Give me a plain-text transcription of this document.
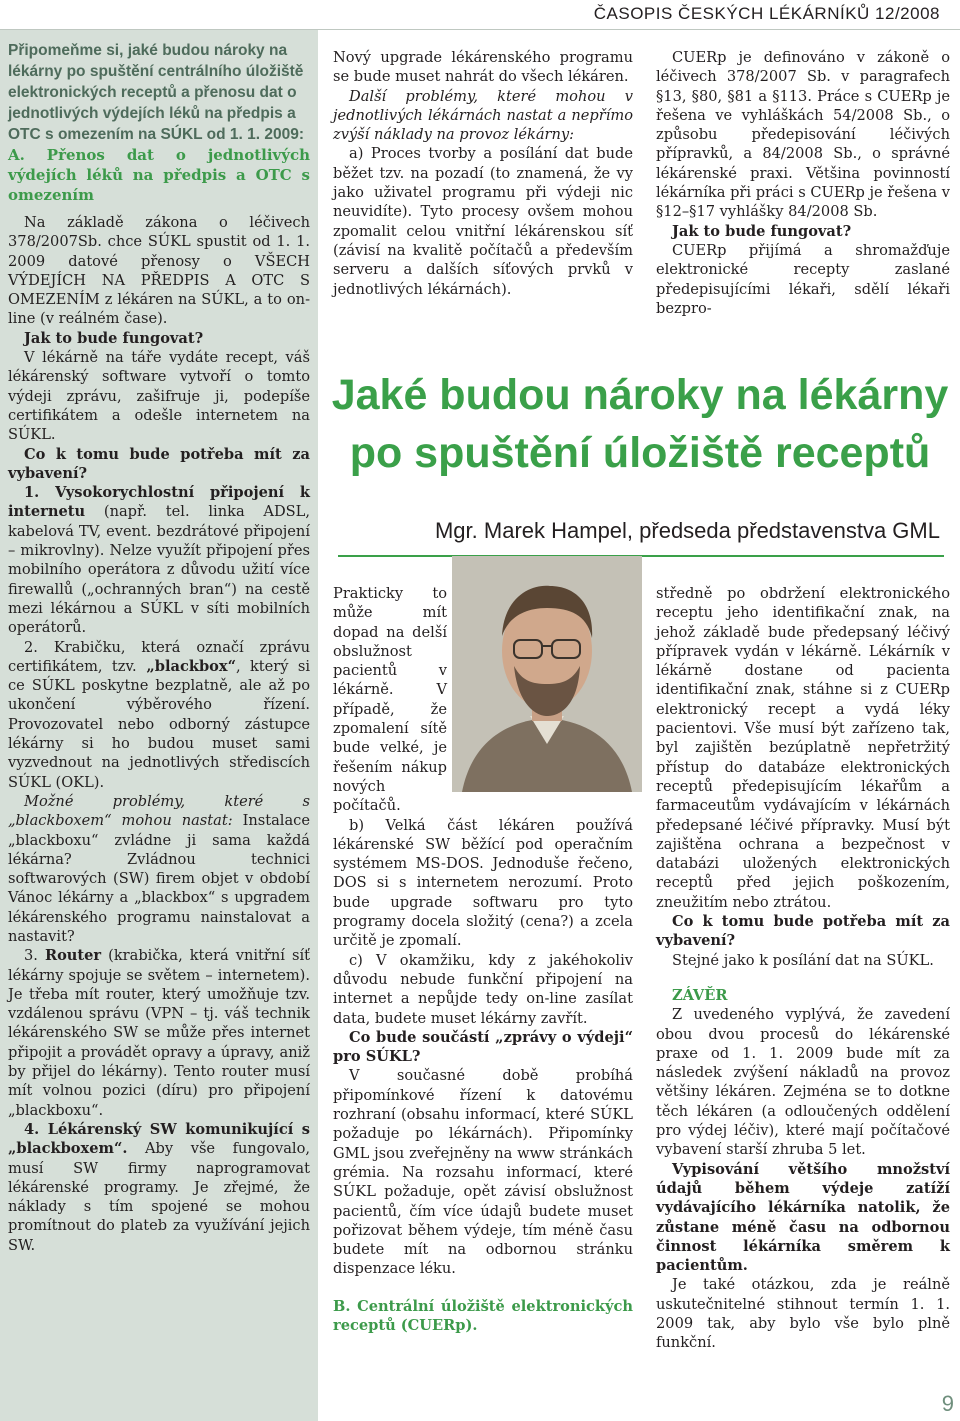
ČASOPIS ČESKÝCH LÉKÁRNÍKŮ 12/2008

Připomeňme si, jaké budou nároky na lékárny po spuštění centrálního úložiště elektronických receptů a přenosu dat o jednotlivých výdejích léků na předpis a OTC s omezením na SÚKL od 1. 1. 2009:

A. Přenos dat o jednotlivých výdejích léků na předpis a OTC s omezením

Na základě zákona o léčivech 378/2007Sb. chce SÚKL spustit od 1. 1. 2009 datové přenosy o VŠECH VÝDEJÍCH NA PŘEDPIS A OTC S OMEZENÍM z lékáren na SÚKL, a to on-line (v reálném čase).

Jak to bude fungovat?

V lékárně na táře vydáte recept, váš lékárenský software vytvoří o tomto výdeji zprávu, zašifruje ji, podepíše certifikátem a odešle internetem na SÚKL.

Co k tomu bude potřeba mít za vybavení?

1. Vysokorychlostní připojení k internetu (např. tel. linka ADSL, kabelová TV, event. bezdrátové připojení – mikrovlny). Nelze využít připojení přes mobilního operátora z důvodu užití více firewallů („ochranných bran“) na cestě mezi lékárnou a SÚKL v síti mobilních operátorů.

2. Krabičku, která označí zprávu certifikátem, tzv. „blackbox“, který si ce SÚKL poskytne bezplatně, ale až po ukončení výběrového řízení. Provozovatel nebo odborný zástupce lékárny si ho budou muset sami vyzvednout na jednotlivých střediscích SÚKL (OKL).

Možné problémy, které s „blackboxem“ mohou nastat: Instalace „blackboxu“ zvládne ji sama každá lékárna? Zvládnou technici softwarových (SW) firem objet v období Vánoc lékárny a „blackbox“ s upgradem lékárenského programu nainstalovat a nastavit?

3. Router (krabička, která vnitřní síť lékárny spojuje se světem – internetem). Je třeba mít router, který umožňuje tzv. vzdálenou správu (VPN – tj. váš technik lékárenského SW se může přes internet připojit a provádět opravy a úpravy, aniž by přijel do lékárny). Tento router musí mít volnou pozici (díru) pro připojení „blackboxu“.

4. Lékárenský SW komunikující s „blackboxem“. Aby vše fungovalo, musí SW firmy naprogramovat lékárenské programy. Je zřejmé, že náklady s tím spojené se mohou promítnout do plateb za využívání jejich SW.

Nový upgrade lékárenského programu se bude muset nahrát do všech lékáren.

Další problémy, které mohou v jednotlivých lékárnách nastat a nepřímo zvýší náklady na provoz lékárny:

a) Proces tvorby a posílání dat bude běžet tzv. na pozadí (to znamená, že vy jako uživatel programu při výdeji nic neuvidíte). Tyto procesy ovšem mohou zpomalit celou vnitřní lékárenskou síť (závisí na kvalitě počítačů a především serveru a dalších síťových prvků v jednotlivých lékárnách).

CUERp je definováno v zákoně o léčivech 378/2007 Sb. v paragrafech §13, §80, §81 a §113. Práce s CUERp je řešena ve vyhláškách 54/2008 Sb., o způsobu předepisování léčivých přípravků, a 84/2008 Sb., o správné lékárenské praxi. Většina povinností lékárníka při práci s CUERp je řešena v §12–§17 vyhlášky 84/2008 Sb.

Jak to bude fungovat?

CUERp přijímá a shromažďuje elektronické recepty zaslané předepisujícími lékaři, sdělí lékaři bezpro-

Jaké budou nároky na lékárny
po spuštění úložiště receptů
Mgr. Marek Hampel, předseda představenstva GML

Prakticky to může mít dopad na delší obslužnost pacientů v lékárně. V případě, že zpomalení sítě bude velké, je řešením nákup nových počítačů.

b) Velká část lékáren používá lékárenské SW běžící pod operačním systémem MS-DOS. Jednoduše řečeno, DOS si s internetem nerozumí. Proto bude upgrade softwaru pro tyto programy docela složitý (cena?) a zcela určitě je zpomalí.

c) V okamžiku, kdy z jakéhokoliv důvodu nebude funkční připojení na internet a nepůjde tedy on-line zasílat data, budete muset lékárny zavřít.

Co bude součástí „zprávy o výdeji“ pro SÚKL?

V současné době probíhá připomínkové řízení k datovému rozhraní (obsahu informací, které SÚKL požaduje po lékárnách). Připomínky GML jsou zveřejněny na www stránkách grémia. Na rozsahu informací, které SÚKL požaduje, opět závisí obslužnost pacientů, čím více údajů budete muset pořizovat během výdeje, tím méně času budete mít na odbornou stránku dispenzace léku.

B. Centrální úložiště elektronických receptů (CUERp).

středně po obdržení elektronického receptu jeho identifikační znak, na jehož základě bude předepsaný léčivý přípravek vydán v lékárně. Lékárník v lékárně dostane od pacienta identifikační znak, stáhne si z CUERp elektronický recept a vydá léky pacientovi. Vše musí být zařízeno tak, byl zajištěn bezúplatně nepřetržitý přístup do databáze elektronických receptů předepisujícím lékařům a farmaceutům vydávajícím v lékárnách předepsané léčivé přípravky. Musí být zajištěna ochrana a bezpečnost v databázi uložených elektronických receptů před jejich poškozením, zneužitím nebo ztrátou.

Co k tomu bude potřeba mít za vybavení?

Stejné jako k posílání dat na SÚKL.

ZÁVĚR

Z uvedeného vyplývá, že zavedení obou dvou procesů do lékárenské praxe od 1. 1. 2009 bude mít za následek zvýšení nákladů na provoz většiny lékáren. Zejména se to dotkne těch lékáren (a odloučených oddělení pro výdej léčiv), které mají počítačové vybavení starší zhruba 5 let.

Vypisování většího množství údajů během výdeje zatíží vydávajícího lékárníka natolik, že zůstane méně času na odbornou činnost lékárníka směrem k pacientům.

Je také otázkou, zda je reálně uskutečnitelné stihnout termín 1. 1. 2009 tak, aby bylo vše bylo plně funkční.

9
